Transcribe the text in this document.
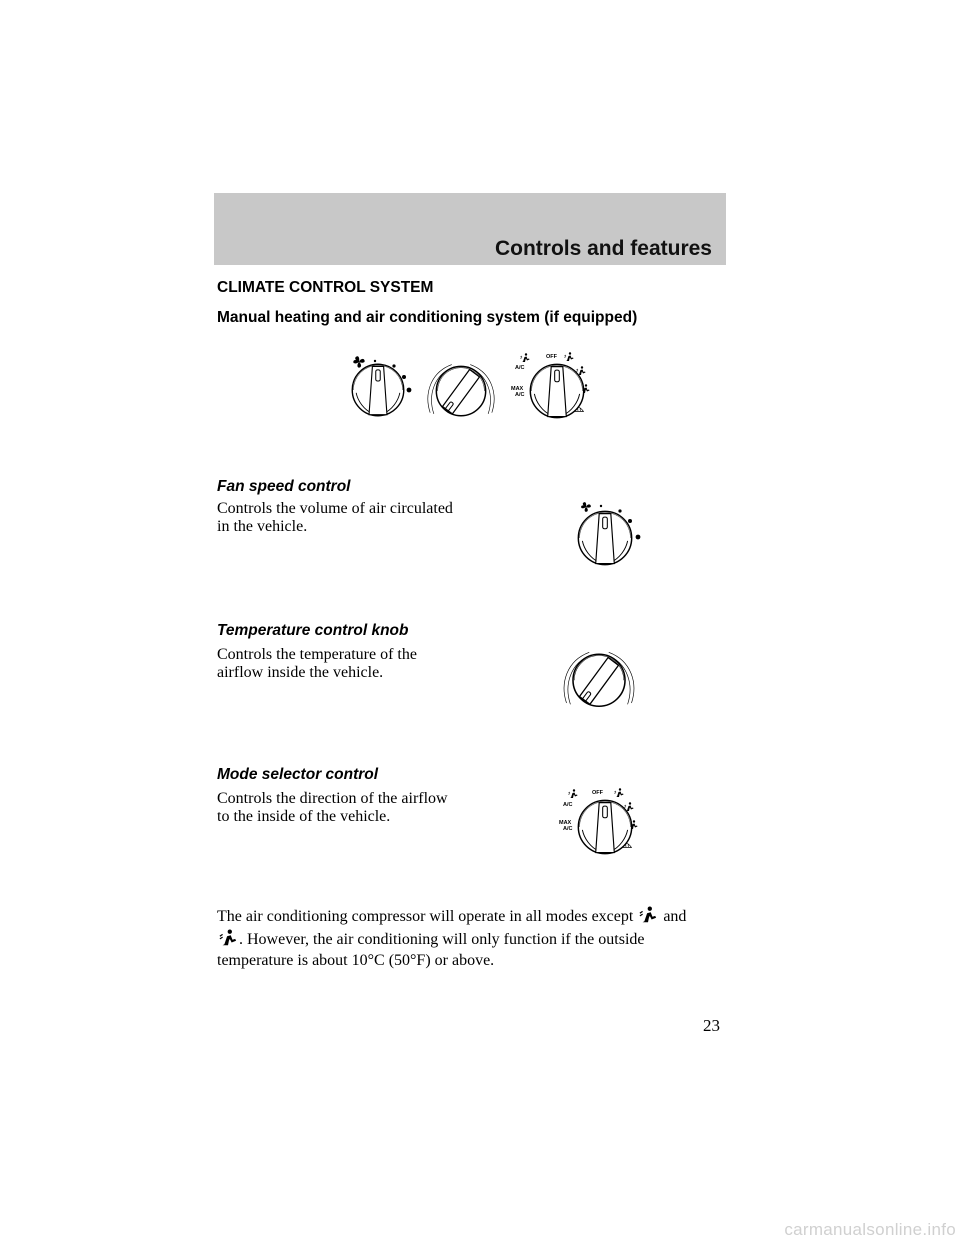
Controls and features
CLIMATE CONTROL SYSTEM
Manual heating and air conditioning system (if equipped)
OFF
A/C
MAX
A/C
Fan speed control
Controls the volume of air circulated
in the vehicle.
Temperature control knob
Controls the temperature of the
airflow inside the vehicle.
Mode selector control
Controls the direction of the airflow
to the inside of the vehicle.
OFF
A/C
MAX
A/C
The air conditioning compressor will operate in all modes except and
. However, the air conditioning will only function if the outside
temperature is about 10°C (50°F) or above.
23
carmanualsonline.info
